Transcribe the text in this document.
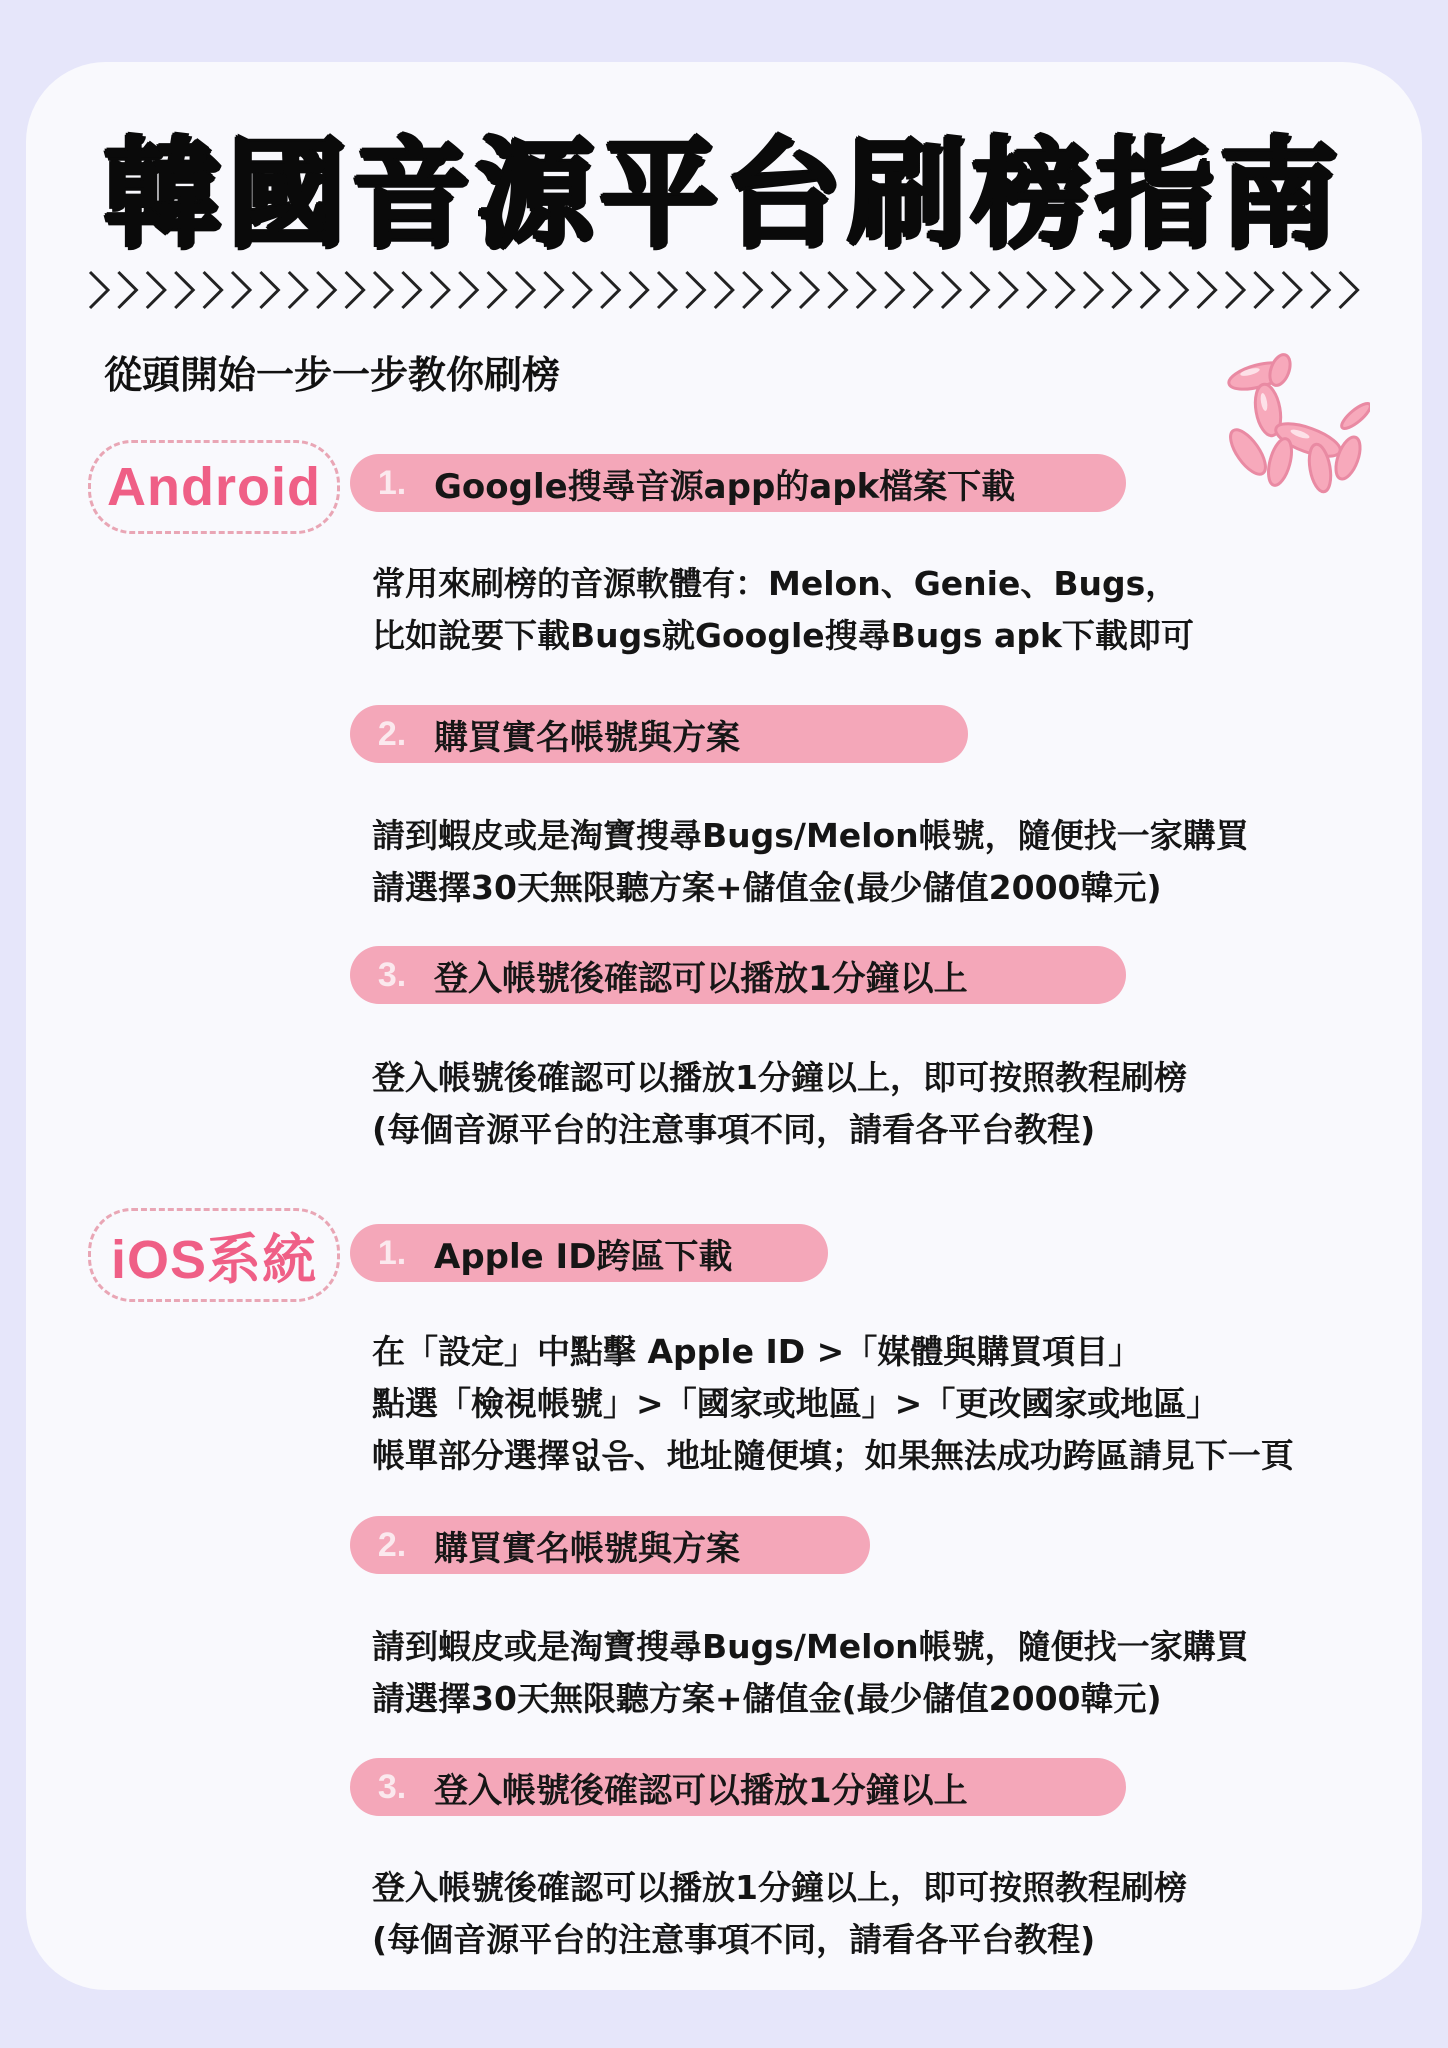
韓國音源平台刷榜指南
從頭開始一步一步教你刷榜
Android	1. Google搜尋音源app的apk檔案下載
常用來刷榜的音源軟體有：Melon、Genie、Bugs，
比如說要下載Bugs就Google搜尋Bugs apk下載即可
2. 購買實名帳號與方案
請到蝦皮或是淘寶搜尋Bugs/Melon帳號，隨便找一家購買
請選擇30天無限聽方案+儲值金(最少儲值2000韓元)
3. 登入帳號後確認可以播放1分鐘以上
登入帳號後確認可以播放1分鐘以上，即可按照教程刷榜
(每個音源平台的注意事項不同，請看各平台教程)
iOS系統	1. Apple ID跨區下載
在「設定」中點擊 Apple ID >「媒體與購買項目」
點選「檢視帳號」>「國家或地區」>「更改國家或地區」
帳單部分選擇없음、地址隨便填；如果無法成功跨區請見下一頁
2. 購買實名帳號與方案
請到蝦皮或是淘寶搜尋Bugs/Melon帳號，隨便找一家購買
請選擇30天無限聽方案+儲值金(最少儲值2000韓元)
3. 登入帳號後確認可以播放1分鐘以上
登入帳號後確認可以播放1分鐘以上，即可按照教程刷榜
(每個音源平台的注意事項不同，請看各平台教程)
